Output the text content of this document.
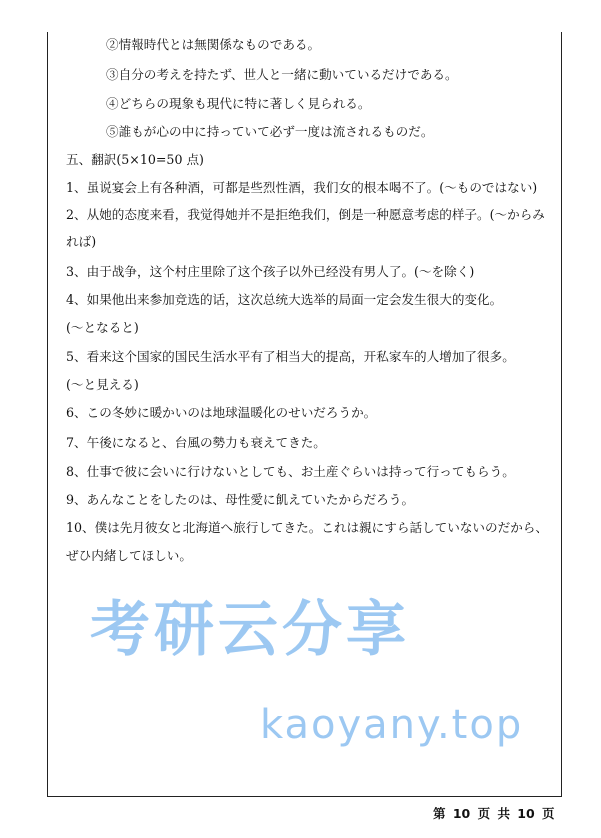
②情報時代とは無関係なものである。
③自分の考えを持たず、世人と一緒に動いているだけである。
④どちらの現象も現代に特に著しく見られる。
⑤誰もが心の中に持っていて必ず一度は流されるものだ。
五、翻訳(5×10=50 点)
1、虽说宴会上有各种酒，可都是些烈性酒，我们女的根本喝不了。(～ものではない)
2、从她的态度来看，我觉得她并不是拒绝我们，倒是一种愿意考虑的样子。(～からみ
れば)
3、由于战争，这个村庄里除了这个孩子以外已经没有男人了。(～を除く)
4、如果他出来参加竞选的话，这次总统大选举的局面一定会发生很大的变化。
(～となると)
5、看来这个国家的国民生活水平有了相当大的提高，开私家车的人增加了很多。
(～と見える)
6、この冬妙に暖かいのは地球温暖化のせいだろうか。
7、午後になると、台風の勢力も衰えてきた。
8、仕事で彼に会いに行けないとしても、お土産ぐらいは持って行ってもらう。
9、あんなことをしたのは、母性愛に飢えていたからだろう。
10、僕は先月彼女と北海道へ旅行してきた。これは親にすら話していないのだから、
ぜひ内緒してほしい。
考研云分享
kaoyany.top
第 10 页 共 10 页
